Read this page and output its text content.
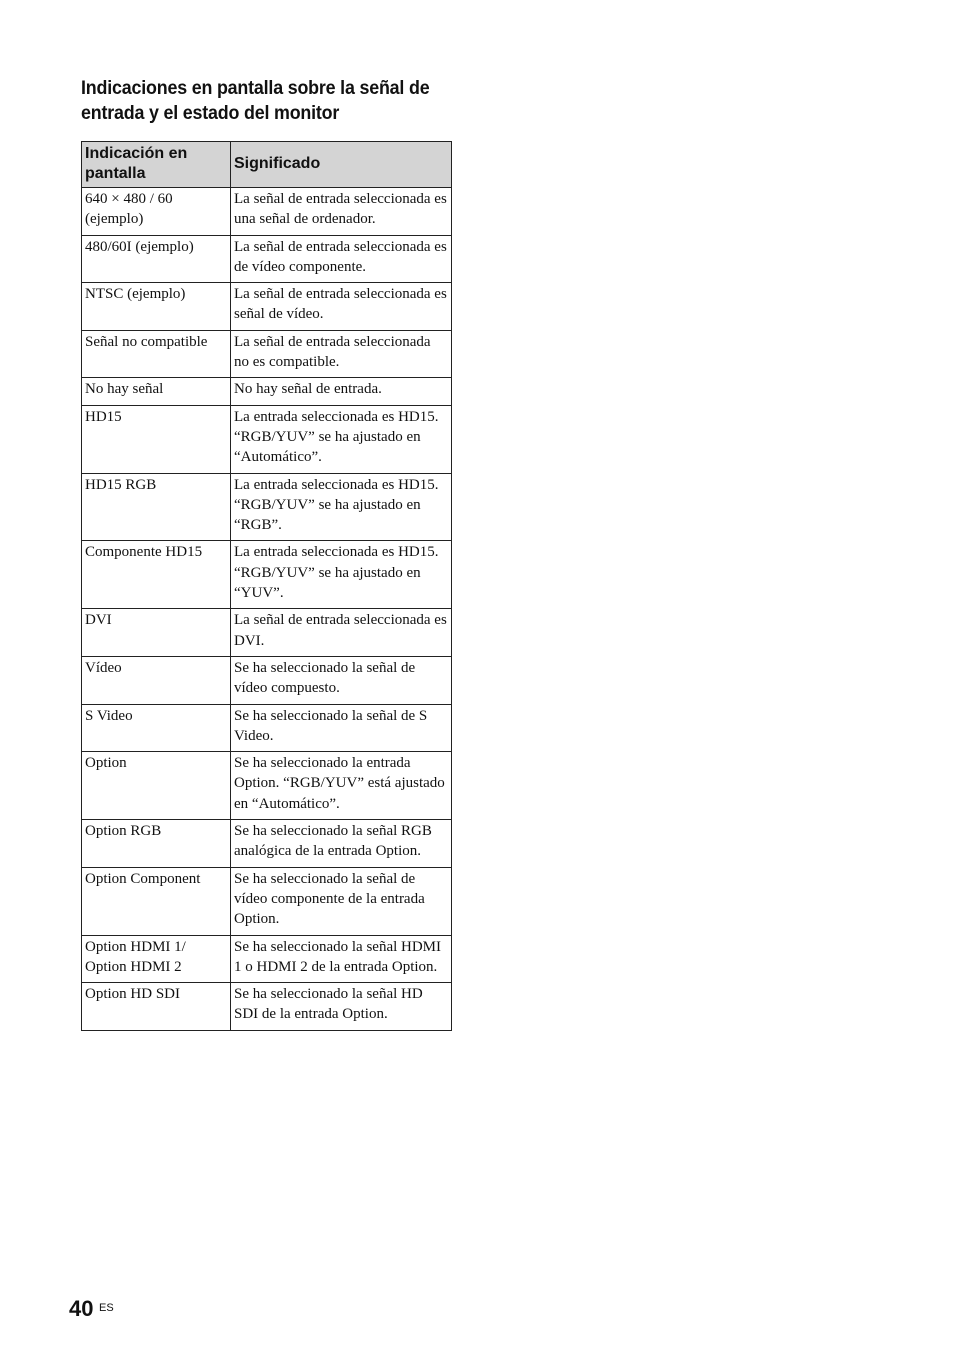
Indicaciones en pantalla sobre la señal de entrada y el estado del monitor
Indicación en pantalla	Significado
640 × 480 / 60 (ejemplo)	La señal de entrada seleccionada es una señal de ordenador.
480/60I (ejemplo)	La señal de entrada seleccionada es de vídeo componente.
NTSC (ejemplo)	La señal de entrada seleccionada es señal de vídeo.
Señal no compatible	La señal de entrada seleccionada no es compatible.
No hay señal	No hay señal de entrada.
HD15	La entrada seleccionada es HD15. “RGB/YUV” se ha ajustado en “Automático”.
HD15 RGB	La entrada seleccionada es HD15. “RGB/YUV” se ha ajustado en “RGB”.
Componente HD15	La entrada seleccionada es HD15. “RGB/YUV” se ha ajustado en “YUV”.
DVI	La señal de entrada seleccionada es DVI.
Vídeo	Se ha seleccionado la señal de vídeo compuesto.
S Video	Se ha seleccionado la señal de S Video.
Option	Se ha seleccionado la entrada Option. “RGB/YUV” está ajustado en “Automático”.
Option RGB	Se ha seleccionado la señal RGB analógica de la entrada Option.
Option Component	Se ha seleccionado la señal de vídeo componente de la entrada Option.
Option HDMI 1/ Option HDMI 2	Se ha seleccionado la señal HDMI 1 o HDMI 2 de la entrada Option.
Option HD SDI	Se ha seleccionado la señal HD SDI de la entrada Option.
40 ES
